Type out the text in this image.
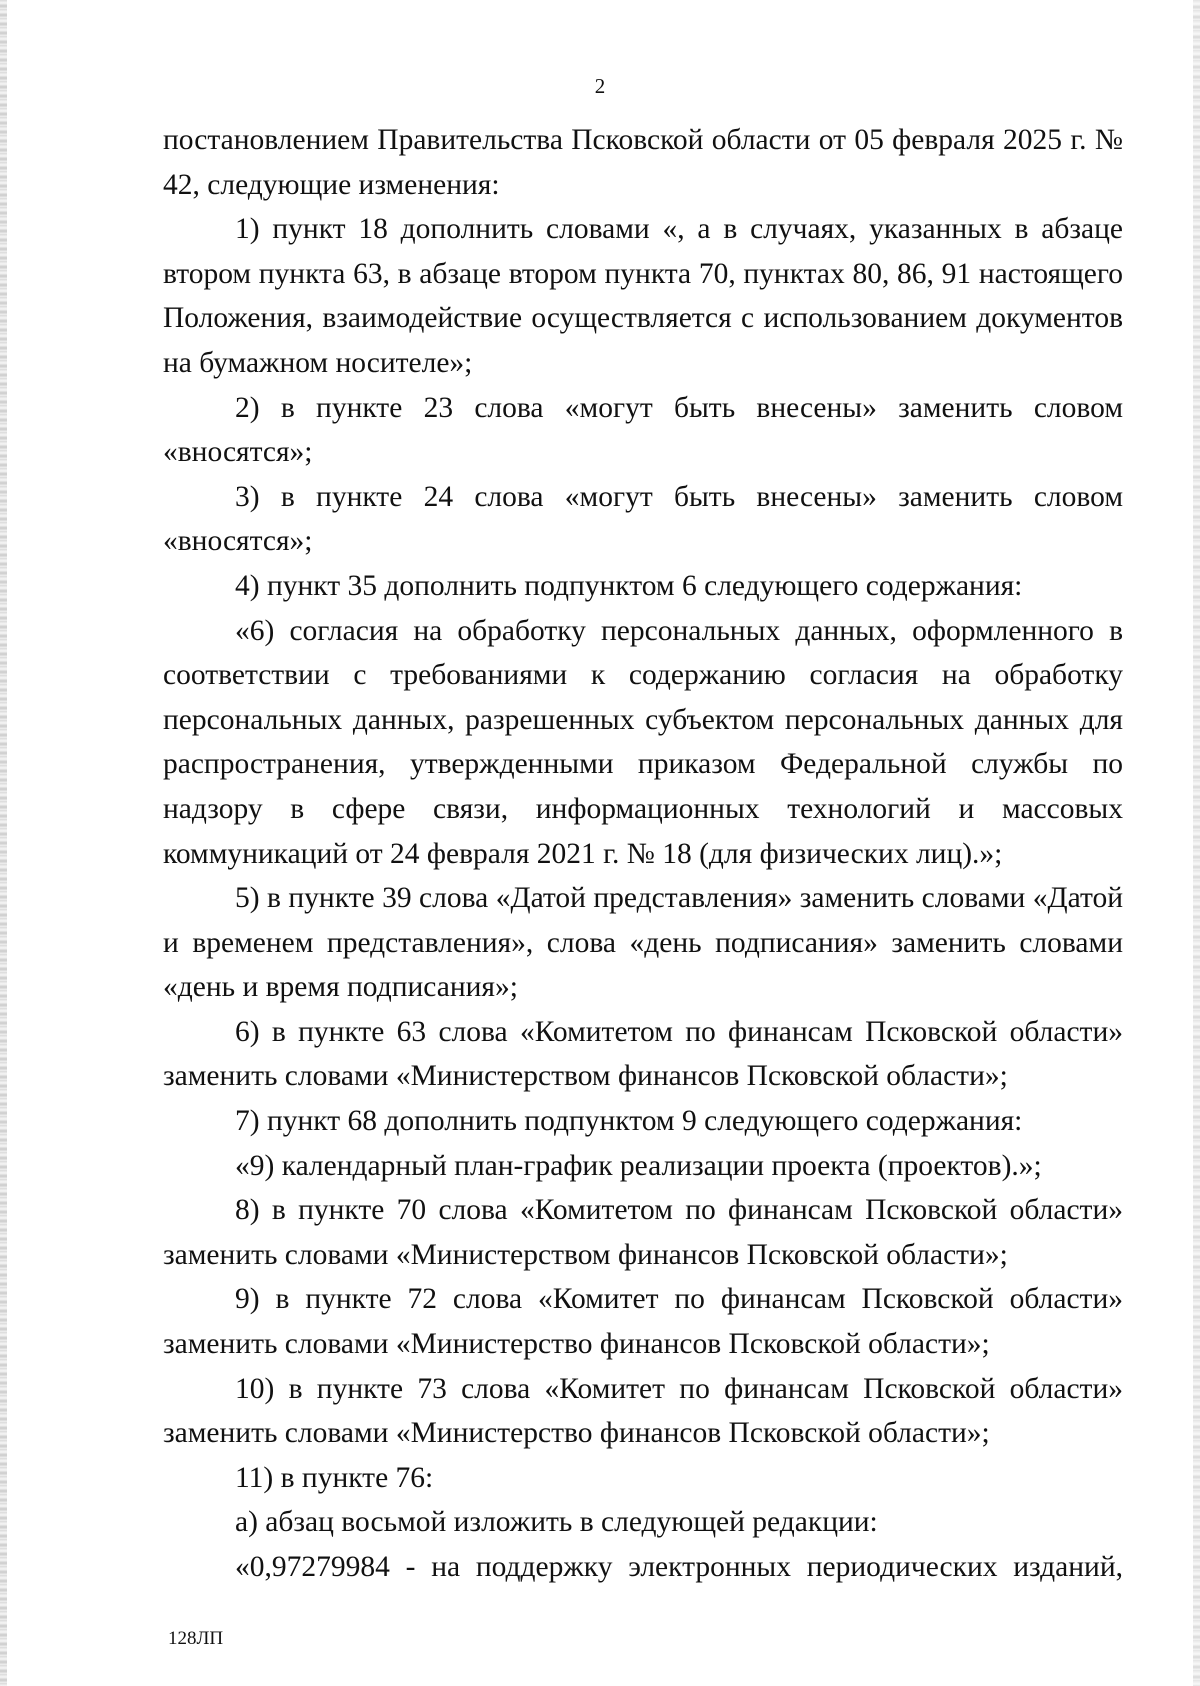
2

постановлением Правительства Псковской области от 05 февраля 2025 г. № 42, следующие изменения:

1) пункт 18 дополнить словами «, а в случаях, указанных в абзаце втором пункта 63, в абзаце втором пункта 70, пунктах 80, 86, 91 настоящего Положения, взаимодействие осуществляется с использованием документов на бумажном носителе»;

2) в пункте 23 слова «могут быть внесены» заменить словом «вносятся»;

3) в пункте 24 слова «могут быть внесены» заменить словом «вносятся»;

4) пункт 35 дополнить подпунктом 6 следующего содержания:

«6) согласия на обработку персональных данных, оформленного в соответствии с требованиями к содержанию согласия на обработку персональных данных, разрешенных субъектом персональных данных для распространения, утвержденными приказом Федеральной службы по надзору в сфере связи, информационных технологий и массовых коммуникаций от 24 февраля 2021 г. № 18 (для физических лиц).»;

5) в пункте 39 слова «Датой представления» заменить словами «Датой и временем представления», слова «день подписания» заменить словами «день и время подписания»;

6) в пункте 63 слова «Комитетом по финансам Псковской области» заменить словами «Министерством финансов Псковской области»;

7) пункт 68 дополнить подпунктом 9 следующего содержания:

«9) календарный план-график реализации проекта (проектов).»;

8) в пункте 70 слова «Комитетом по финансам Псковской области» заменить словами «Министерством финансов Псковской области»;

9) в пункте 72 слова «Комитет по финансам Псковской области» заменить словами «Министерство финансов Псковской области»;

10) в пункте 73 слова «Комитет по финансам Псковской области» заменить словами «Министерство финансов Псковской области»;

11) в пункте 76:

а) абзац восьмой изложить в следующей редакции:

«0,97279984 - на поддержку электронных периодических изданий,

128ЛП
